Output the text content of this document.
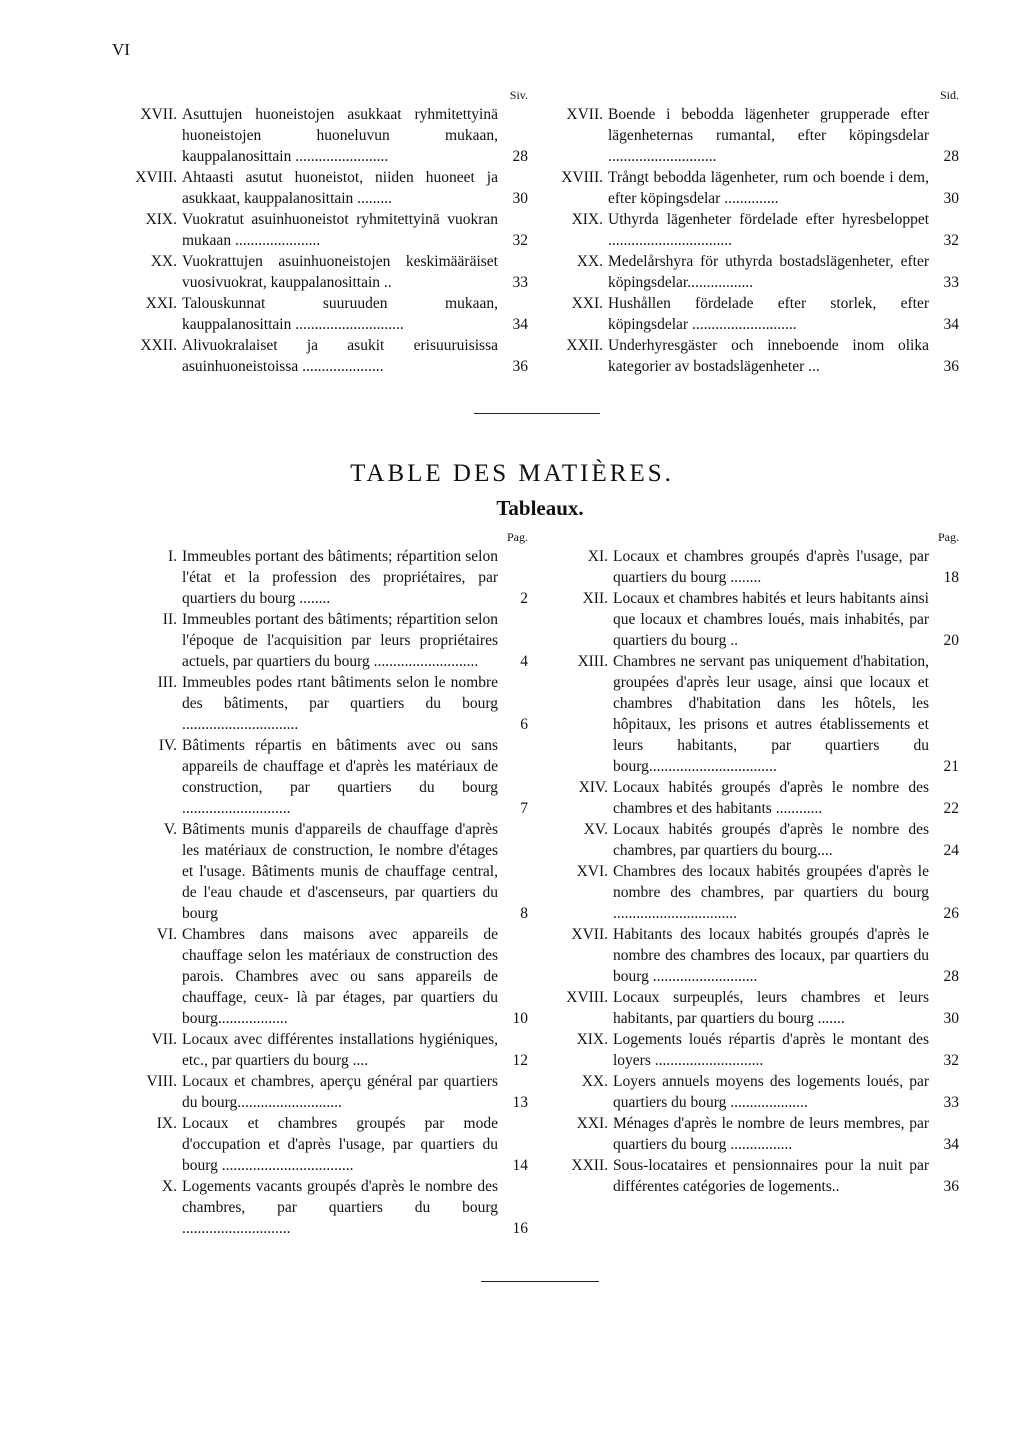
VI
Siv.
XVII. Asuttujen huoneistojen asukkaat ryhmitettyinä huoneistojen huoneluvun mukaan, kauppalanosittain ........................	28
XVIII. Ahtaasti asutut huoneistot, niiden huoneet ja asukkaat, kauppalanosittain .........	30
XIX. Vuokratut asuinhuoneistot ryhmitettyinä vuokran mukaan ......................	32
XX. Vuokrattujen asuinhuoneistojen keskimääräiset vuosivuokrat, kauppalanosittain ..	33
XXI. Talouskunnat suuruuden mukaan, kauppalanosittain ............................	34
XXII. Alivuokralaiset ja asukit erisuuruisissa asuinhuoneistoissa .....................	36
Sid.
XVII. Boende i bebodda lägenheter grupperade efter lägenheternas rumantal, efter köpingsdelar ............................	28
XVIII. Trångt bebodda lägenheter, rum och boende i dem, efter köpingsdelar ..............	30
XIX. Uthyrda lägenheter fördelade efter hyresbeloppet ................................	32
XX. Medelårshyra för uthyrda bostadslägenheter, efter köpingsdelar.................	33
XXI. Hushållen fördelade efter storlek, efter köpingsdelar ...........................	34
XXII. Underhyresgäster och inneboende inom olika kategorier av bostadslägenheter ...	36
TABLE DES MATIÈRES.
Tableaux.
Pag.
I. Immeubles portant des bâtiments; répartition selon l'état et la profession des propriétaires, par quartiers du bourg ........	2
II. Immeubles portant des bâtiments; répartition selon l'époque de l'acquisition par leurs propriétaires actuels, par quartiers du bourg ...........................	4
III. Immeubles podes rtant bâtiments selon le nombre des bâtiments, par quartiers du bourg ..............................	6
IV. Bâtiments répartis en bâtiments avec ou sans appareils de chauffage et d'après les matériaux de construction, par quartiers du bourg ............................	7
V. Bâtiments munis d'appareils de chauffage d'après les matériaux de construction, le nombre d'étages et l'usage. Bâtiments munis de chauffage central, de l'eau chaude et d'ascenseurs, par quartiers du bourg	8
VI. Chambres dans maisons avec appareils de chauffage selon les matériaux de construction des parois. Chambres avec ou sans appareils de chauffage, ceux- là par étages, par quartiers du bourg..................	10
VII. Locaux avec différentes installations hygiéniques, etc., par quartiers du bourg ....	12
VIII. Locaux et chambres, aperçu général par quartiers du bourg...........................	13
IX. Locaux et chambres groupés par mode d'occupation et d'après l'usage, par quartiers du bourg ..................................	14
X. Logements vacants groupés d'après le nombre des chambres, par quartiers du bourg ............................	16
Pag.
XI. Locaux et chambres groupés d'après l'usage, par quartiers du bourg ........	18
XII. Locaux et chambres habités et leurs habitants ainsi que locaux et chambres loués, mais inhabités, par quartiers du bourg ..	20
XIII. Chambres ne servant pas uniquement d'habitation, groupées d'après leur usage, ainsi que locaux et chambres d'habitation dans les hôtels, les hôpitaux, les prisons et autres établissements et leurs habitants, par quartiers du bourg.................................	21
XIV. Locaux habités groupés d'après le nombre des chambres et des habitants ............	22
XV. Locaux habités groupés d'après le nombre des chambres, par quartiers du bourg....	24
XVI. Chambres des locaux habités groupées d'après le nombre des chambres, par quartiers du bourg ................................	26
XVII. Habitants des locaux habités groupés d'après le nombre des chambres des locaux, par quartiers du bourg ...........................	28
XVIII. Locaux surpeuplés, leurs chambres et leurs habitants, par quartiers du bourg .......	30
XIX. Logements loués répartis d'après le montant des loyers ............................	32
XX. Loyers annuels moyens des logements loués, par quartiers du bourg ....................	33
XXI. Ménages d'après le nombre de leurs membres, par quartiers du bourg ................	34
XXII. Sous-locataires et pensionnaires pour la nuit par différentes catégories de logements..	36
